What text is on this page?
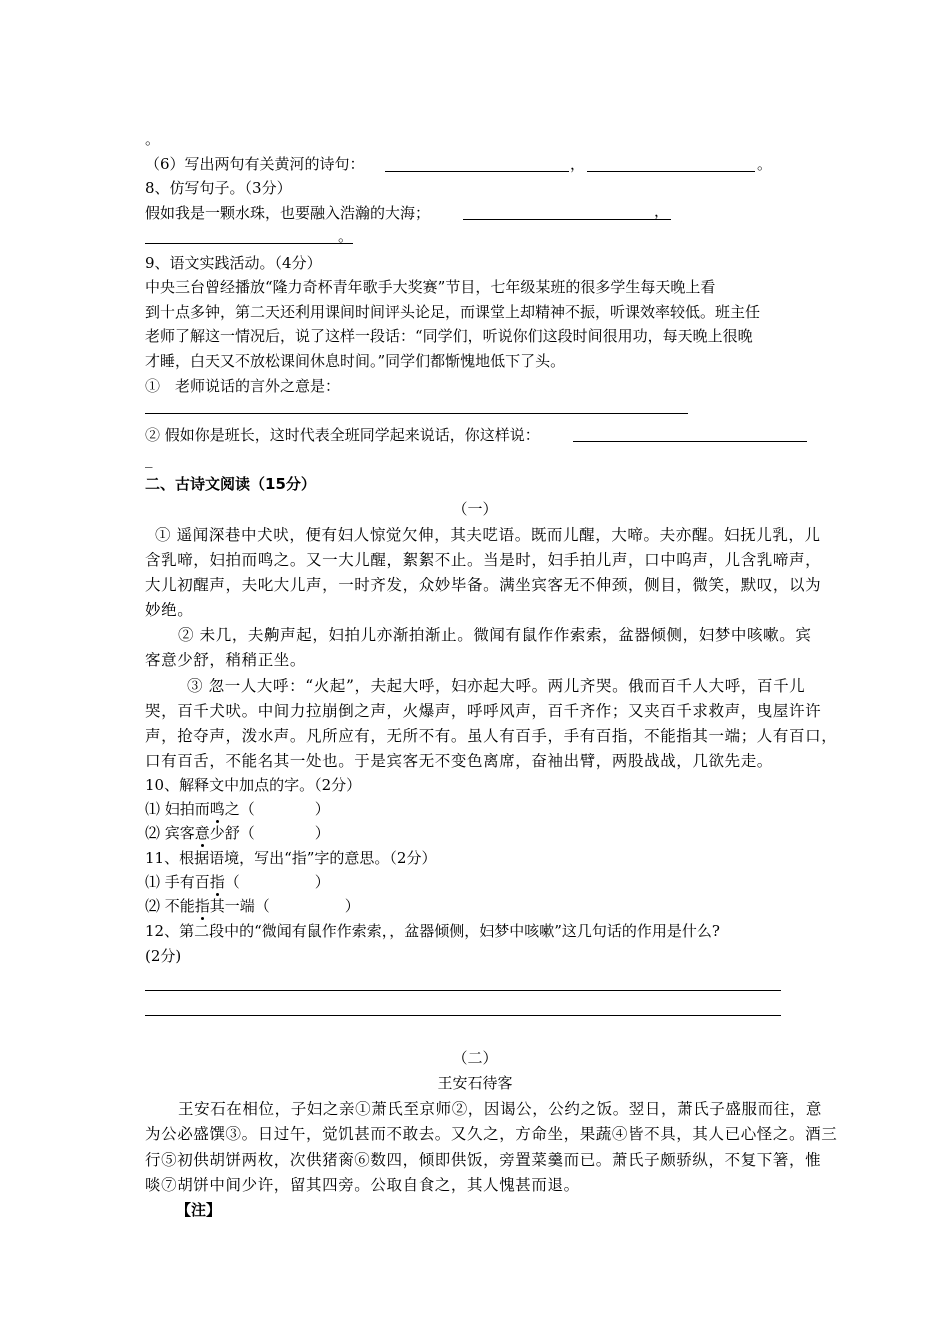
。
（6）写出两句有关黄河的诗句：	，	。
8、仿写句子。（3分）
假如我是一颗水珠，也要融入浩瀚的大海；	，
。
9、语文实践活动。（4分）
中央三台曾经播放“隆力奇杯青年歌手大奖赛”节目，七年级某班的很多学生每天晚上看
到十点多钟，第二天还利用课间时间评头论足，而课堂上却精神不振，听课效率较低。班主任
老师了解这一情况后，说了这样一段话：“同学们，听说你们这段时间很用功，每天晚上很晚
才睡，白天又不放松课间休息时间。”同学们都惭愧地低下了头。
①　老师说话的言外之意是：
② 假如你是班长，这时代表全班同学起来说话，你这样说：
_
二、古诗文阅读（15分）
（一）
① 遥闻深巷中犬吠，便有妇人惊觉欠伸，其夫呓语。既而儿醒，大啼。夫亦醒。妇抚儿乳，儿
含乳啼，妇拍而鸣之。又一大儿醒，絮絮不止。当是时，妇手拍儿声，口中呜声，儿含乳啼声，
大儿初醒声，夫叱大儿声，一时齐发，众妙毕备。满坐宾客无不伸颈，侧目，微笑，默叹，以为
妙绝。
② 未几，夫齁声起，妇拍儿亦渐拍渐止。微闻有鼠作作索索，盆器倾侧，妇梦中咳嗽。宾
客意少舒，稍稍正坐。
③ 忽一人大呼：“火起”，夫起大呼，妇亦起大呼。两儿齐哭。俄而百千人大呼，百千儿
哭，百千犬吠。中间力拉崩倒之声，火爆声，呼呼风声，百千齐作；又夹百千求救声，曳屋许许
声，抢夺声，泼水声。凡所应有，无所不有。虽人有百手，手有百指，不能指其一端；人有百口，
口有百舌，不能名其一处也。于是宾客无不变色离席，奋袖出臂，两股战战，几欲先走。
10、解释文中加点的字。（2分）
⑴ 妇拍而鸣之（　　　　）
⑵ 宾客意少舒（　　　　）
11、根据语境，写出“指”字的意思。（2分）
⑴ 手有百指（　　　　　）
⑵ 不能指其一端（　　　　　）
12、第二段中的“微闻有鼠作作索索，，盆器倾侧，妇梦中咳嗽”这几句话的作用是什么?
(2分)
（二）
王安石待客
王安石在相位，子妇之亲①萧氏至京师②，因谒公，公约之饭。翌日，萧氏子盛服而往，意
为公必盛馔③。日过午，觉饥甚而不敢去。又久之，方命坐，果蔬④皆不具，其人已心怪之。酒三
行⑤初供胡饼两枚，次供猪脔⑥数四，倾即供饭，旁置菜羹而已。萧氏子颇骄纵，不复下箸，惟
啖⑦胡饼中间少许，留其四旁。公取自食之，其人愧甚而退。
【注】
